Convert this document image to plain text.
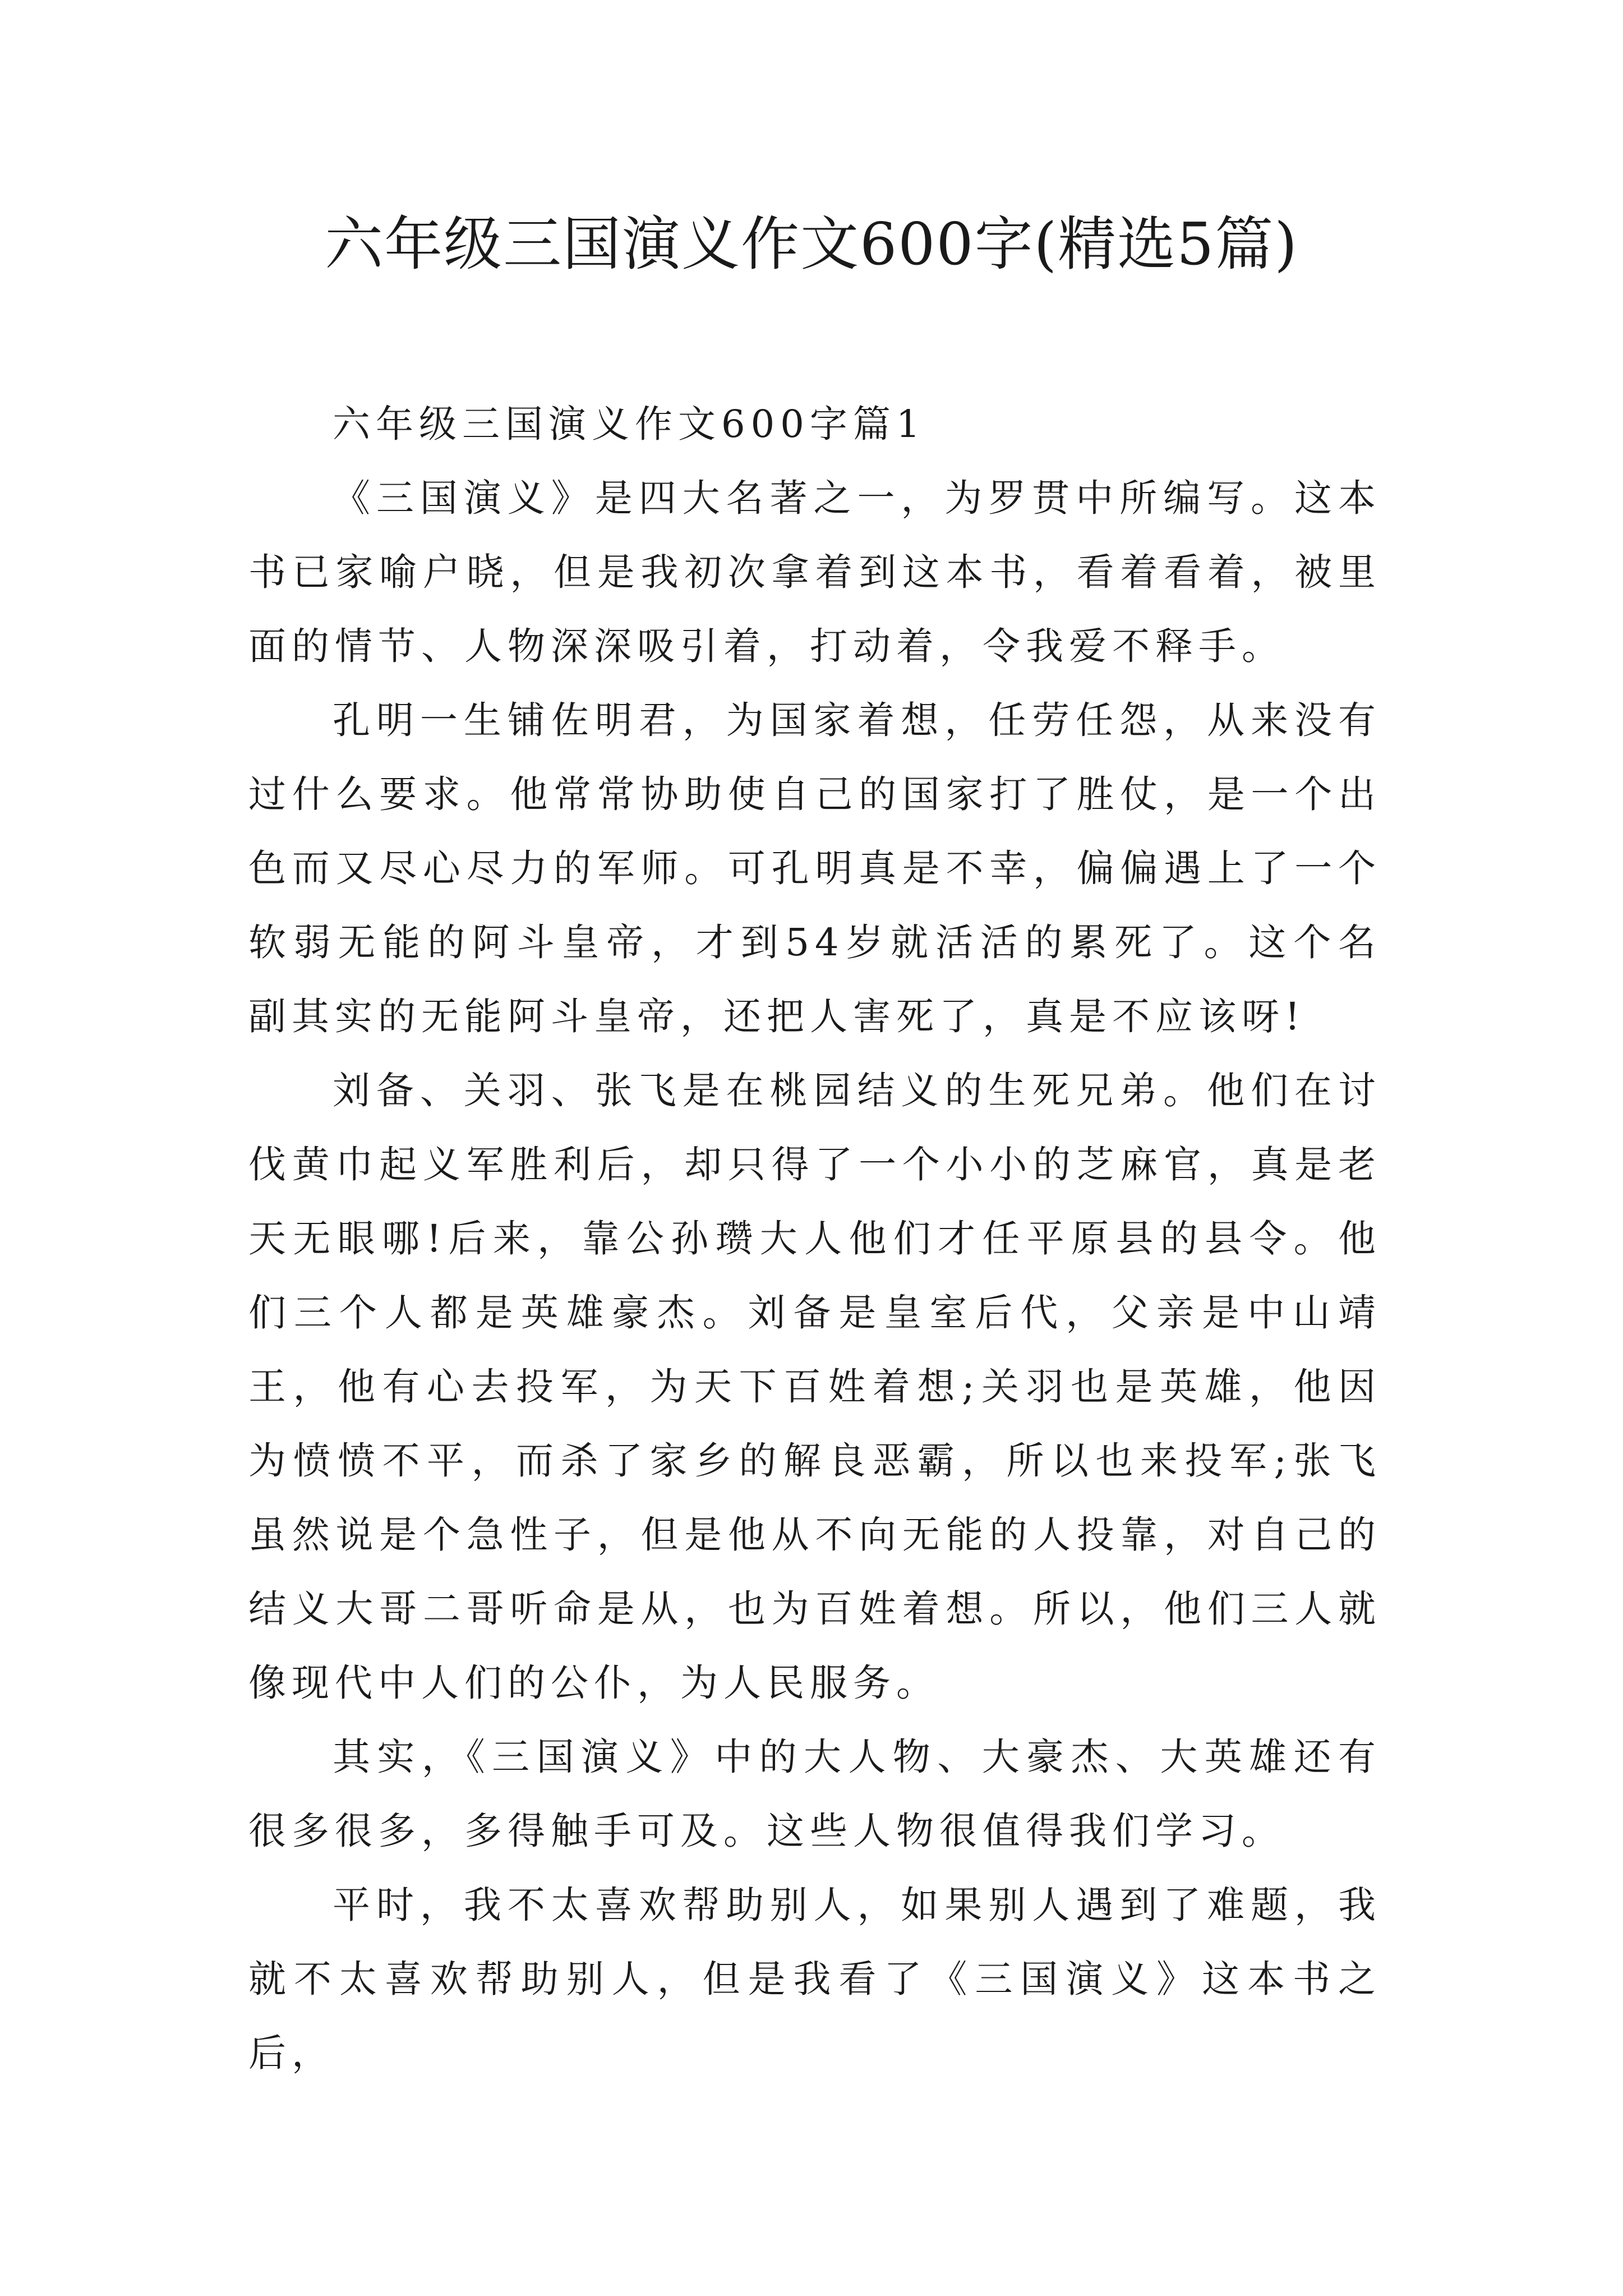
六年级三国演义作文600字(精选5篇)

六年级三国演义作文600字篇1

《三国演义》是四大名著之一，为罗贯中所编写。这本书已家喻户晓，但是我初次拿着到这本书，看着看着，被里面的情节、人物深深吸引着，打动着，令我爱不释手。

孔明一生铺佐明君，为国家着想，任劳任怨，从来没有过什么要求。他常常协助使自己的国家打了胜仗，是一个出色而又尽心尽力的军师。可孔明真是不幸，偏偏遇上了一个软弱无能的阿斗皇帝，才到54岁就活活的累死了。这个名副其实的无能阿斗皇帝，还把人害死了，真是不应该呀!

刘备、关羽、张飞是在桃园结义的生死兄弟。他们在讨伐黄巾起义军胜利后，却只得了一个小小的芝麻官，真是老天无眼哪!后来，靠公孙瓒大人他们才任平原县的县令。他们三个人都是英雄豪杰。刘备是皇室后代，父亲是中山靖王，他有心去投军，为天下百姓着想;关羽也是英雄，他因为愤愤不平，而杀了家乡的解良恶霸，所以也来投军;张飞虽然说是个急性子，但是他从不向无能的人投靠，对自己的结义大哥二哥听命是从，也为百姓着想。所以，他们三人就像现代中人们的公仆，为人民服务。

其实，《三国演义》中的大人物、大豪杰、大英雄还有很多很多，多得触手可及。这些人物很值得我们学习。

平时，我不太喜欢帮助别人，如果别人遇到了难题，我就不太喜欢帮助别人，但是我看了《三国演义》这本书之后，
